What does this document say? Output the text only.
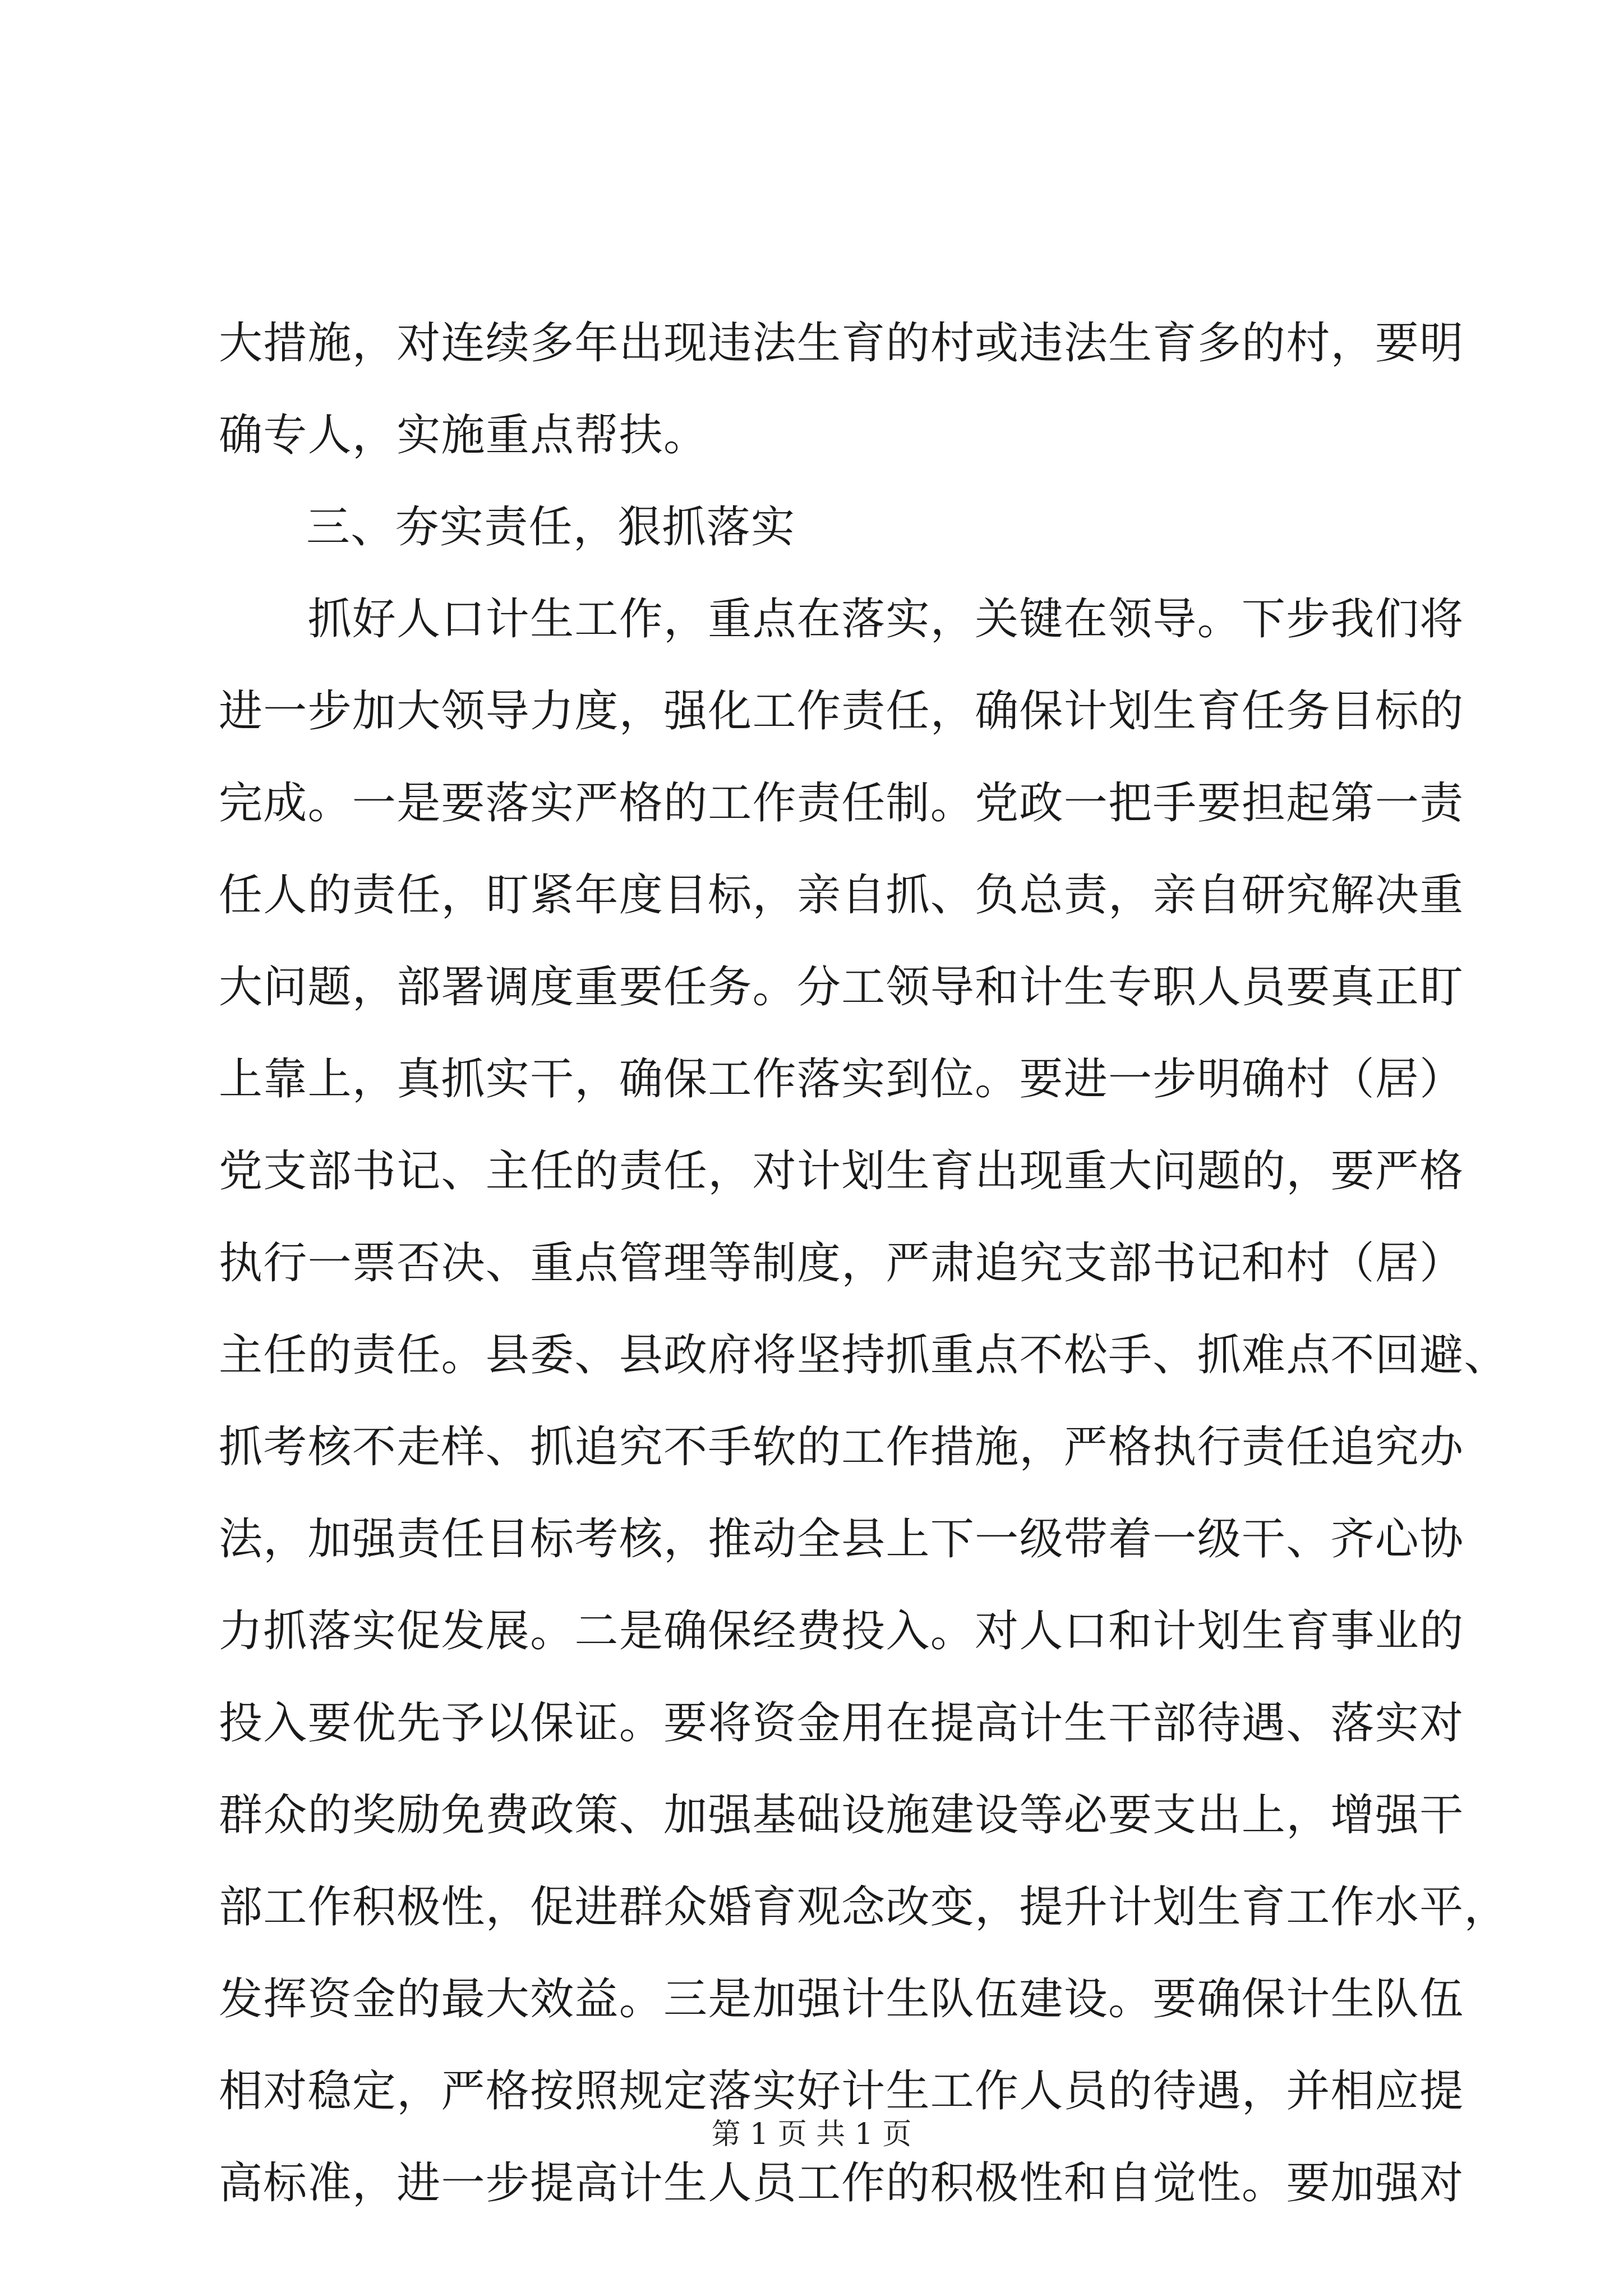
大措施，对连续多年出现违法生育的村或违法生育多的村，要明
确专人，实施重点帮扶。
三、夯实责任，狠抓落实
　　抓好人口计生工作，重点在落实，关键在领导。下步我们将
进一步加大领导力度，强化工作责任，确保计划生育任务目标的
完成。一是要落实严格的工作责任制。党政一把手要担起第一责
任人的责任，盯紧年度目标，亲自抓、负总责，亲自研究解决重
大问题，部署调度重要任务。分工领导和计生专职人员要真正盯
上靠上，真抓实干，确保工作落实到位。要进一步明确村（居）
党支部书记、主任的责任，对计划生育出现重大问题的，要严格
执行一票否决、重点管理等制度，严肃追究支部书记和村（居）
主任的责任。县委、县政府将坚持抓重点不松手、抓难点不回避、
抓考核不走样、抓追究不手软的工作措施，严格执行责任追究办
法，加强责任目标考核，推动全县上下一级带着一级干、齐心协
力抓落实促发展。二是确保经费投入。对人口和计划生育事业的
投入要优先予以保证。要将资金用在提高计生干部待遇、落实对
群众的奖励免费政策、加强基础设施建设等必要支出上，增强干
部工作积极性，促进群众婚育观念改变，提升计划生育工作水平，
发挥资金的最大效益。三是加强计生队伍建设。要确保计生队伍
相对稳定，严格按照规定落实好计生工作人员的待遇，并相应提
高标准，进一步提高计生人员工作的积极性和自觉性。要加强对
第 1 页 共 1 页
